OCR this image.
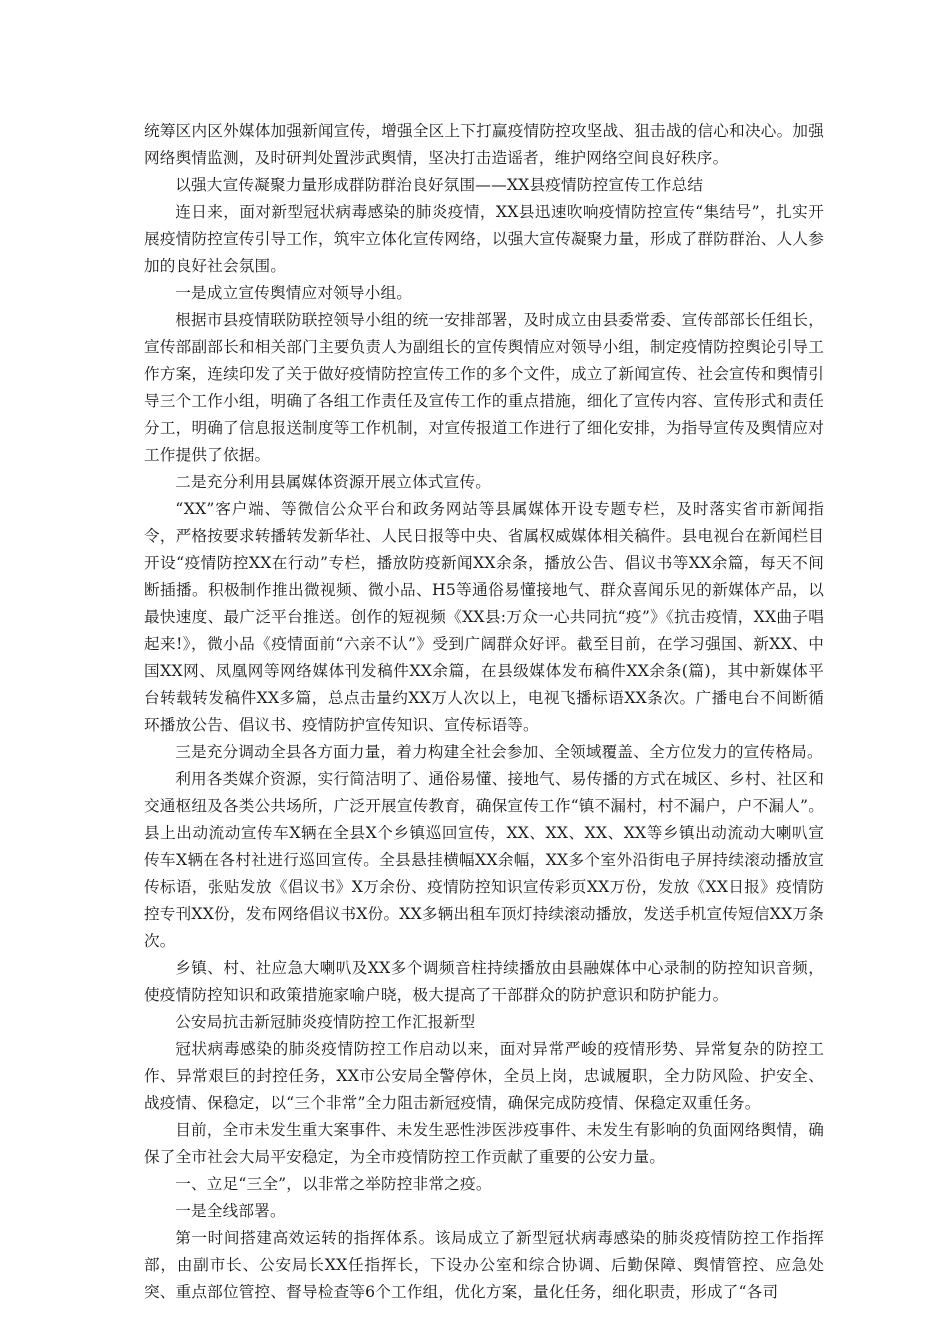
统筹区内区外媒体加强新闻宣传，增强全区上下打赢疫情防控攻坚战、狙击战的信心和决心。加强网络舆情监测，及时研判处置涉武舆情，坚决打击造谣者，维护网络空间良好秩序。

以强大宣传凝聚力量形成群防群治良好氛围——XX县疫情防控宣传工作总结

连日来，面对新型冠状病毒感染的肺炎疫情，XX县迅速吹响疫情防控宣传“集结号”，扎实开展疫情防控宣传引导工作，筑牢立体化宣传网络，以强大宣传凝聚力量，形成了群防群治、人人参加的良好社会氛围。

一是成立宣传舆情应对领导小组。

根据市县疫情联防联控领导小组的统一安排部署，及时成立由县委常委、宣传部部长任组长，宣传部副部长和相关部门主要负责人为副组长的宣传舆情应对领导小组，制定疫情防控舆论引导工作方案，连续印发了关于做好疫情防控宣传工作的多个文件，成立了新闻宣传、社会宣传和舆情引导三个工作小组，明确了各组工作责任及宣传工作的重点措施，细化了宣传内容、宣传形式和责任分工，明确了信息报送制度等工作机制，对宣传报道工作进行了细化安排，为指导宣传及舆情应对工作提供了依据。

二是充分利用县属媒体资源开展立体式宣传。

“XX”客户端、等微信公众平台和政务网站等县属媒体开设专题专栏，及时落实省市新闻指令，严格按要求转播转发新华社、人民日报等中央、省属权威媒体相关稿件。县电视台在新闻栏目开设“疫情防控XX在行动”专栏，播放防疫新闻XX余条，播放公告、倡议书等XX余篇，每天不间断插播。积极制作推出微视频、微小品、H5等通俗易懂接地气、群众喜闻乐见的新媒体产品，以最快速度、最广泛平台推送。创作的短视频《XX县:万众一心共同抗“疫”》《抗击疫情，XX曲子唱起来!》，微小品《疫情面前“六亲不认”》受到广阔群众好评。截至目前，在学习强国、新XX、中国XX网、凤凰网等网络媒体刊发稿件XX余篇，在县级媒体发布稿件XX余条(篇)，其中新媒体平台转载转发稿件XX多篇，总点击量约XX万人次以上，电视飞播标语XX条次。广播电台不间断循环播放公告、倡议书、疫情防护宣传知识、宣传标语等。

三是充分调动全县各方面力量，着力构建全社会参加、全领域覆盖、全方位发力的宣传格局。

利用各类媒介资源，实行简洁明了、通俗易懂、接地气、易传播的方式在城区、乡村、社区和交通枢纽及各类公共场所，广泛开展宣传教育，确保宣传工作“镇不漏村，村不漏户，户不漏人”。县上出动流动宣传车X辆在全县X个乡镇巡回宣传，XX、XX、XX、XX等乡镇出动流动大喇叭宣传车X辆在各村社进行巡回宣传。全县悬挂横幅XX余幅，XX多个室外沿街电子屏持续滚动播放宣传标语，张贴发放《倡议书》X万余份、疫情防控知识宣传彩页XX万份，发放《XX日报》疫情防控专刊XX份，发布网络倡议书X份。XX多辆出租车顶灯持续滚动播放，发送手机宣传短信XX万条次。

乡镇、村、社应急大喇叭及XX多个调频音柱持续播放由县融媒体中心录制的防控知识音频，使疫情防控知识和政策措施家喻户晓，极大提高了干部群众的防护意识和防护能力。

公安局抗击新冠肺炎疫情防控工作汇报新型

冠状病毒感染的肺炎疫情防控工作启动以来，面对异常严峻的疫情形势、异常复杂的防控工作、异常艰巨的封控任务，XX市公安局全警停休，全员上岗，忠诚履职，全力防风险、护安全、战疫情、保稳定，以“三个非常”全力阻击新冠疫情，确保完成防疫情、保稳定双重任务。

目前，全市未发生重大案事件、未发生恶性涉医涉疫事件、未发生有影响的负面网络舆情，确保了全市社会大局平安稳定，为全市疫情防控工作贡献了重要的公安力量。

一、立足“三全”，以非常之举防控非常之疫。

一是全线部署。

第一时间搭建高效运转的指挥体系。该局成立了新型冠状病毒感染的肺炎疫情防控工作指挥部，由副市长、公安局长XX任指挥长，下设办公室和综合协调、后勤保障、舆情管控、应急处突、重点部位管控、督导检查等6个工作组，优化方案，量化任务，细化职责，形成了“各司
